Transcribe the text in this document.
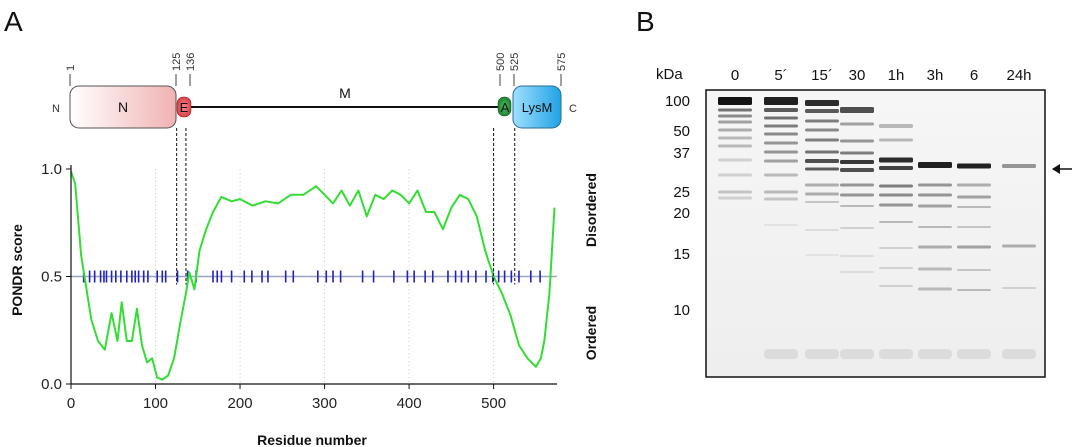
A	B
N	C
N	E
M
A LysM
1	125 136	500 525	575
0	100	200	300	400	500
0.0
0.5
1.0
PONDR score
Residue number
Disordered
Ordered
kDa	0 5´ 15´ 30 1h 3h 6 24h
100
50
37
25
20
15
10
